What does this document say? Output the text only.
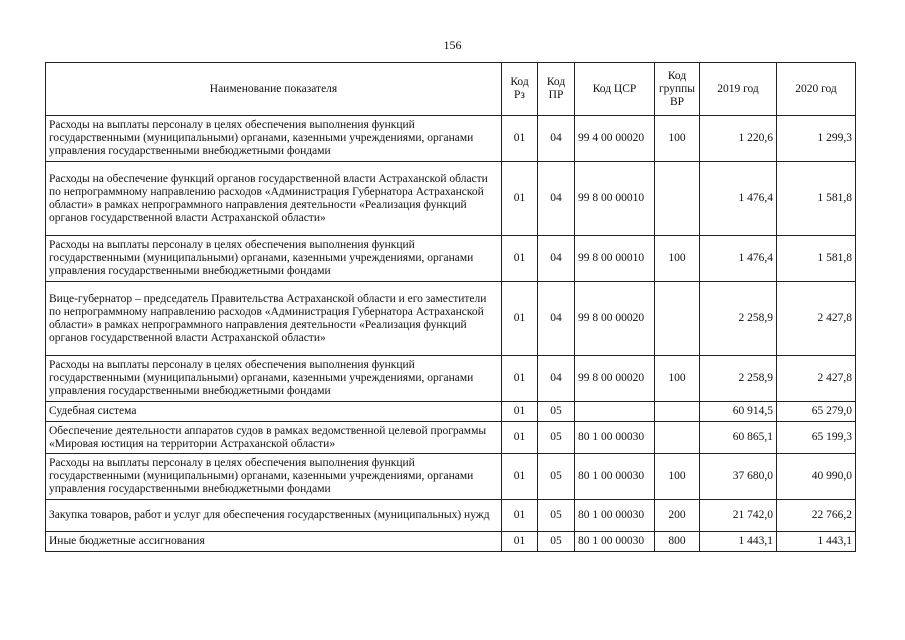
156
Наименование показателя	Код Рз	Код ПР	Код ЦСР	Код группы ВР	2019 год	2020 год
Расходы на выплаты персоналу в целях обеспечения выполнения функций государственными (муниципальными) органами, казенными учреждениями, органами управления государственными внебюджетными фондами	01	04	99 4 00 00020	100	1 220,6	1 299,3
Расходы на обеспечение функций органов государственной власти Астраханской области по непрограммному направлению расходов «Администрация Губернатора Астраханской области» в рамках непрограммного направления деятельности «Реализация функций органов государственной власти Астраханской области»	01	04	99 8 00 00010		1 476,4	1 581,8
Расходы на выплаты персоналу в целях обеспечения выполнения функций государственными (муниципальными) органами, казенными учреждениями, органами управления государственными внебюджетными фондами	01	04	99 8 00 00010	100	1 476,4	1 581,8
Вице-губернатор – председатель Правительства Астраханской области и его заместители по непрограммному направлению расходов «Администрация Губернатора Астраханской области» в рамках непрограммного направления деятельности «Реализация функций органов государственной власти Астраханской области»	01	04	99 8 00 00020		2 258,9	2 427,8
Расходы на выплаты персоналу в целях обеспечения выполнения функций государственными (муниципальными) органами, казенными учреждениями, органами управления государственными внебюджетными фондами	01	04	99 8 00 00020	100	2 258,9	2 427,8
Судебная система	01	05			60 914,5	65 279,0
Обеспечение деятельности аппаратов судов в рамках ведомственной целевой программы «Мировая юстиция на территории Астраханской области»	01	05	80 1 00 00030		60 865,1	65 199,3
Расходы на выплаты персоналу в целях обеспечения выполнения функций государственными (муниципальными) органами, казенными учреждениями, органами управления государственными внебюджетными фондами	01	05	80 1 00 00030	100	37 680,0	40 990,0
Закупка товаров, работ и услуг для обеспечения государственных (муниципальных) нужд	01	05	80 1 00 00030	200	21 742,0	22 766,2
Иные бюджетные ассигнования	01	05	80 1 00 00030	800	1 443,1	1 443,1
